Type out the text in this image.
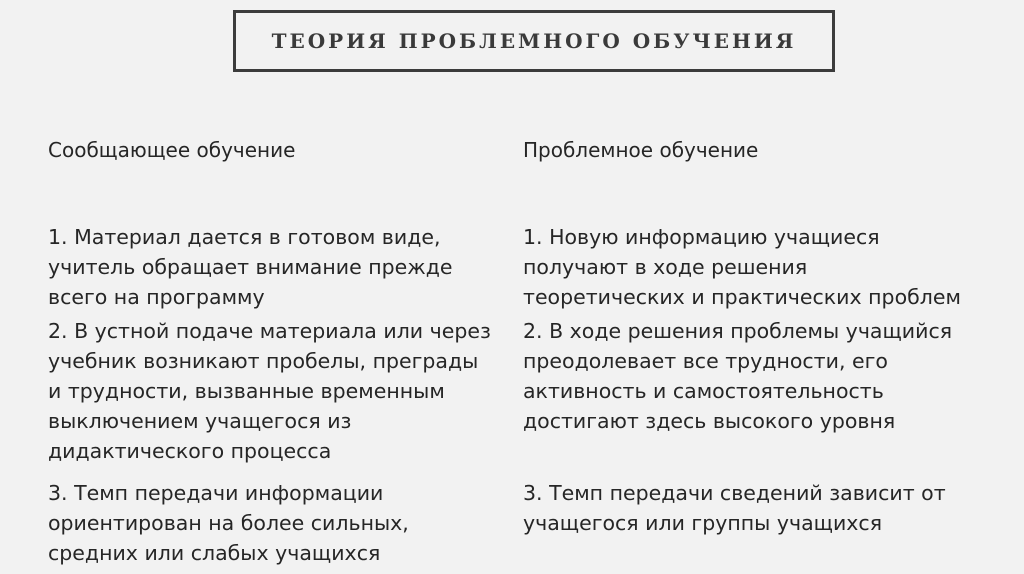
ТЕОРИЯ ПРОБЛЕМНОГО ОБУЧЕНИЯ
Сообщающее обучение
1. Материал дается в готовом виде,
учитель обращает внимание прежде
всего на программу
2. В устной подаче материала или через
учебник возникают пробелы, преграды
и трудности, вызванные временным
выключением учащегося из
дидактического процесса
3. Темп передачи информации
ориентирован на более сильных,
средних или слабых учащихся
Проблемное обучение
1. Новую информацию учащиеся
получают в ходе решения
теоретических и практических проблем
2. В ходе решения проблемы учащийся
преодолевает все трудности, его
активность и самостоятельность
достигают здесь высокого уровня
3. Темп передачи сведений зависит от
учащегося или группы учащихся
